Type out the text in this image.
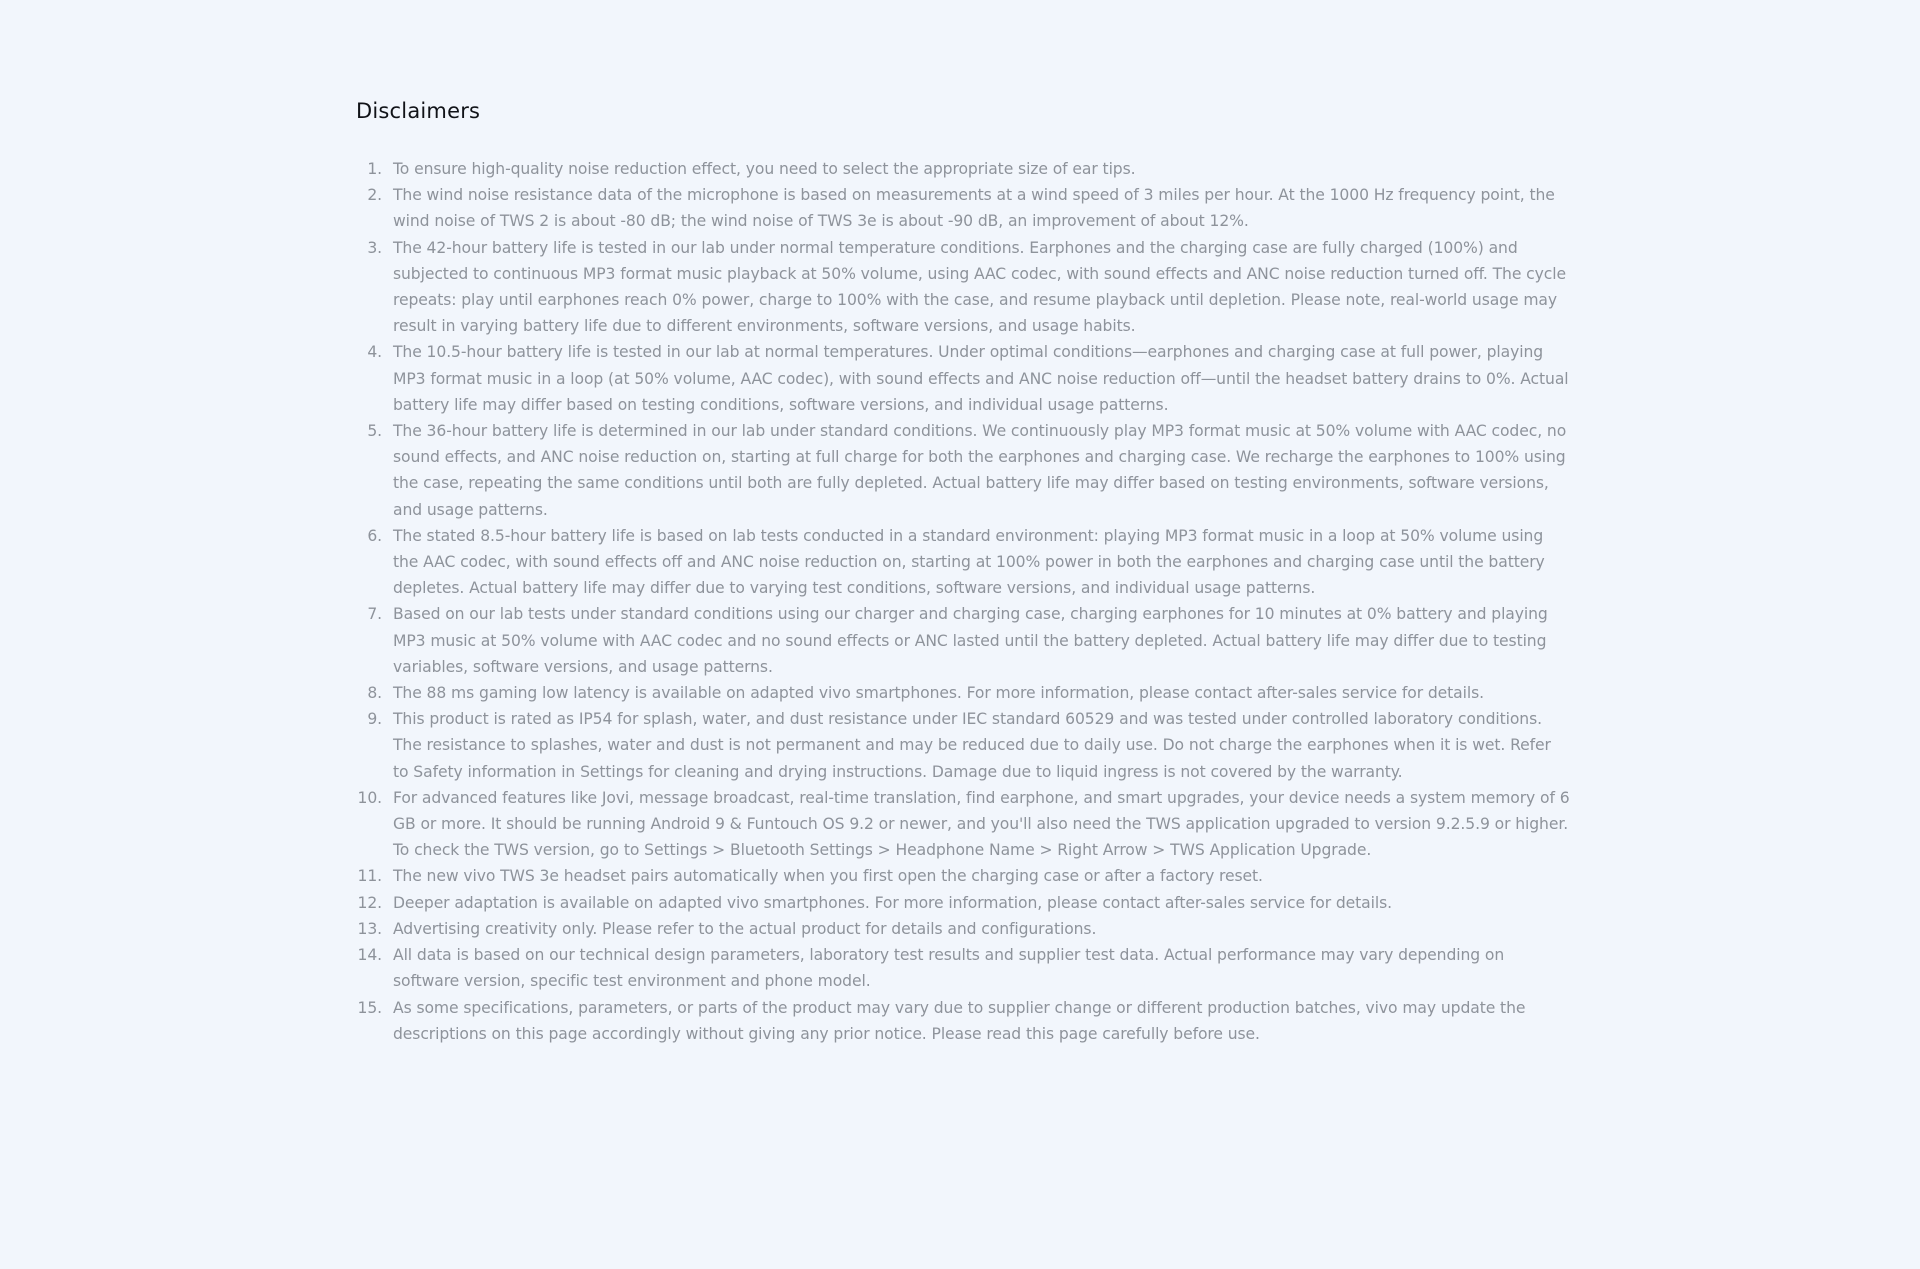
Disclaimers
1. To ensure high-quality noise reduction effect, you need to select the appropriate size of ear tips.
2. The wind noise resistance data of the microphone is based on measurements at a wind speed of 3 miles per hour. At the 1000 Hz frequency point, the wind noise of TWS 2 is about -80 dB; the wind noise of TWS 3e is about -90 dB, an improvement of about 12%.
3. The 42-hour battery life is tested in our lab under normal temperature conditions. Earphones and the charging case are fully charged (100%) and subjected to continuous MP3 format music playback at 50% volume, using AAC codec, with sound effects and ANC noise reduction turned off. The cycle repeats: play until earphones reach 0% power, charge to 100% with the case, and resume playback until depletion. Please note, real-world usage may result in varying battery life due to different environments, software versions, and usage habits.
4. The 10.5-hour battery life is tested in our lab at normal temperatures. Under optimal conditions—earphones and charging case at full power, playing MP3 format music in a loop (at 50% volume, AAC codec), with sound effects and ANC noise reduction off—until the headset battery drains to 0%. Actual battery life may differ based on testing conditions, software versions, and individual usage patterns.
5. The 36-hour battery life is determined in our lab under standard conditions. We continuously play MP3 format music at 50% volume with AAC codec, no sound effects, and ANC noise reduction on, starting at full charge for both the earphones and charging case. We recharge the earphones to 100% using the case, repeating the same conditions until both are fully depleted. Actual battery life may differ based on testing environments, software versions, and usage patterns.
6. The stated 8.5-hour battery life is based on lab tests conducted in a standard environment: playing MP3 format music in a loop at 50% volume using the AAC codec, with sound effects off and ANC noise reduction on, starting at 100% power in both the earphones and charging case until the battery depletes. Actual battery life may differ due to varying test conditions, software versions, and individual usage patterns.
7. Based on our lab tests under standard conditions using our charger and charging case, charging earphones for 10 minutes at 0% battery and playing MP3 music at 50% volume with AAC codec and no sound effects or ANC lasted until the battery depleted. Actual battery life may differ due to testing variables, software versions, and usage patterns.
8. The 88 ms gaming low latency is available on adapted vivo smartphones. For more information, please contact after-sales service for details.
9. This product is rated as IP54 for splash, water, and dust resistance under IEC standard 60529 and was tested under controlled laboratory conditions. The resistance to splashes, water and dust is not permanent and may be reduced due to daily use. Do not charge the earphones when it is wet. Refer to Safety information in Settings for cleaning and drying instructions. Damage due to liquid ingress is not covered by the warranty.
10. For advanced features like Jovi, message broadcast, real-time translation, find earphone, and smart upgrades, your device needs a system memory of 6 GB or more. It should be running Android 9 & Funtouch OS 9.2 or newer, and you'll also need the TWS application upgraded to version 9.2.5.9 or higher. To check the TWS version, go to Settings > Bluetooth Settings > Headphone Name > Right Arrow > TWS Application Upgrade.
11. The new vivo TWS 3e headset pairs automatically when you first open the charging case or after a factory reset.
12. Deeper adaptation is available on adapted vivo smartphones. For more information, please contact after-sales service for details.
13. Advertising creativity only. Please refer to the actual product for details and configurations.
14. All data is based on our technical design parameters, laboratory test results and supplier test data. Actual performance may vary depending on software version, specific test environment and phone model.
15. As some specifications, parameters, or parts of the product may vary due to supplier change or different production batches, vivo may update the descriptions on this page accordingly without giving any prior notice. Please read this page carefully before use.
